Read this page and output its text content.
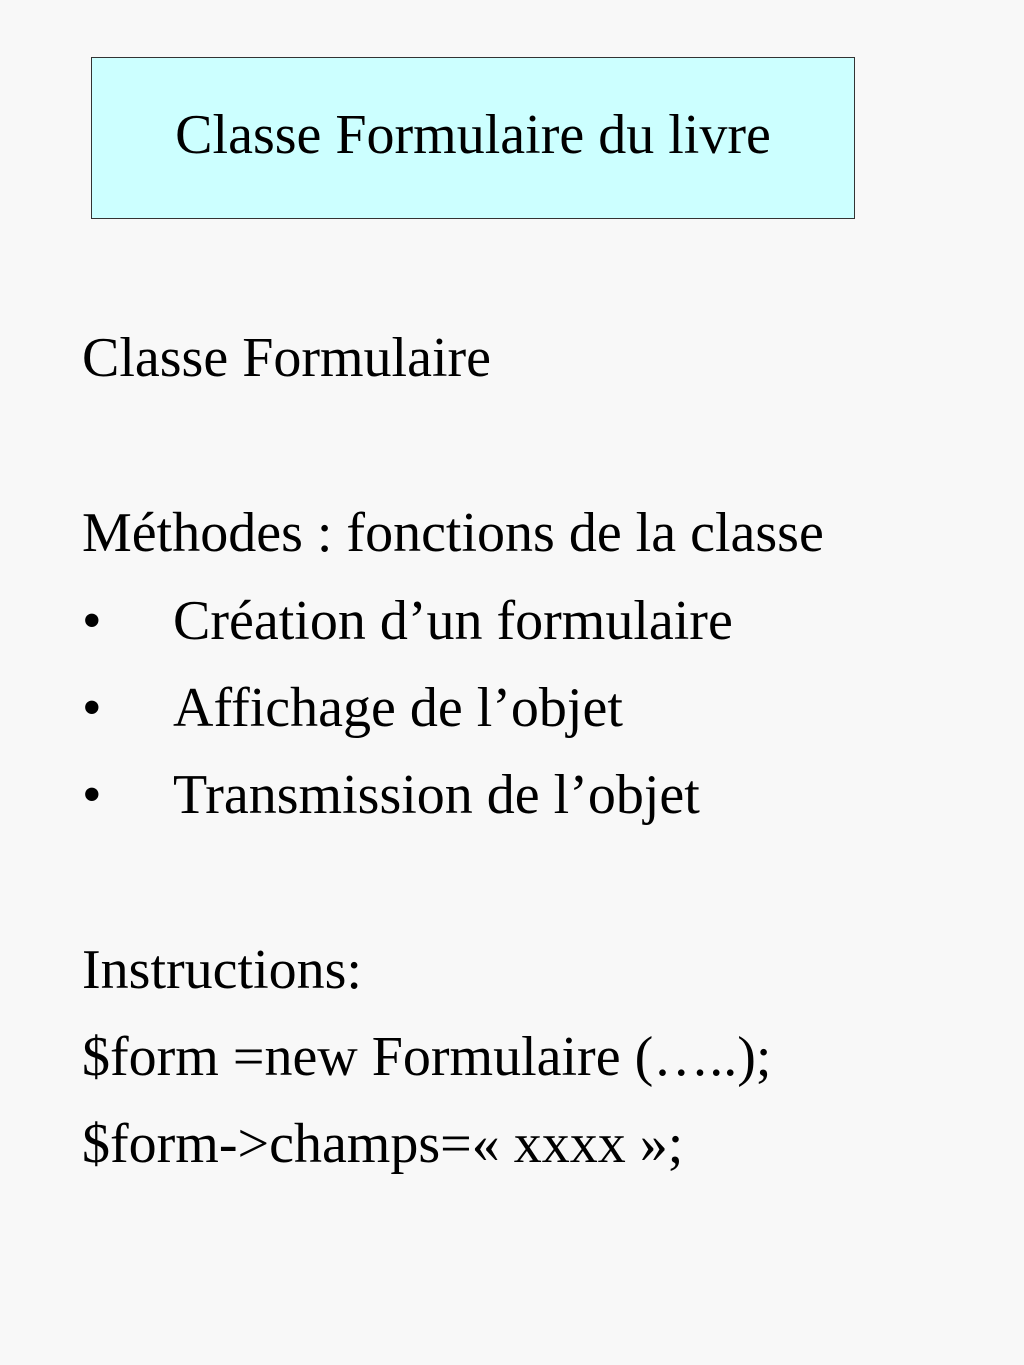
Classe Formulaire du livre
Classe Formulaire
Méthodes : fonctions de la classe
• Création d’un formulaire
• Affichage de l’objet
• Transmission de l’objet
Instructions:
$form =new Formulaire (…..);
$form->champs=« xxxx »;
